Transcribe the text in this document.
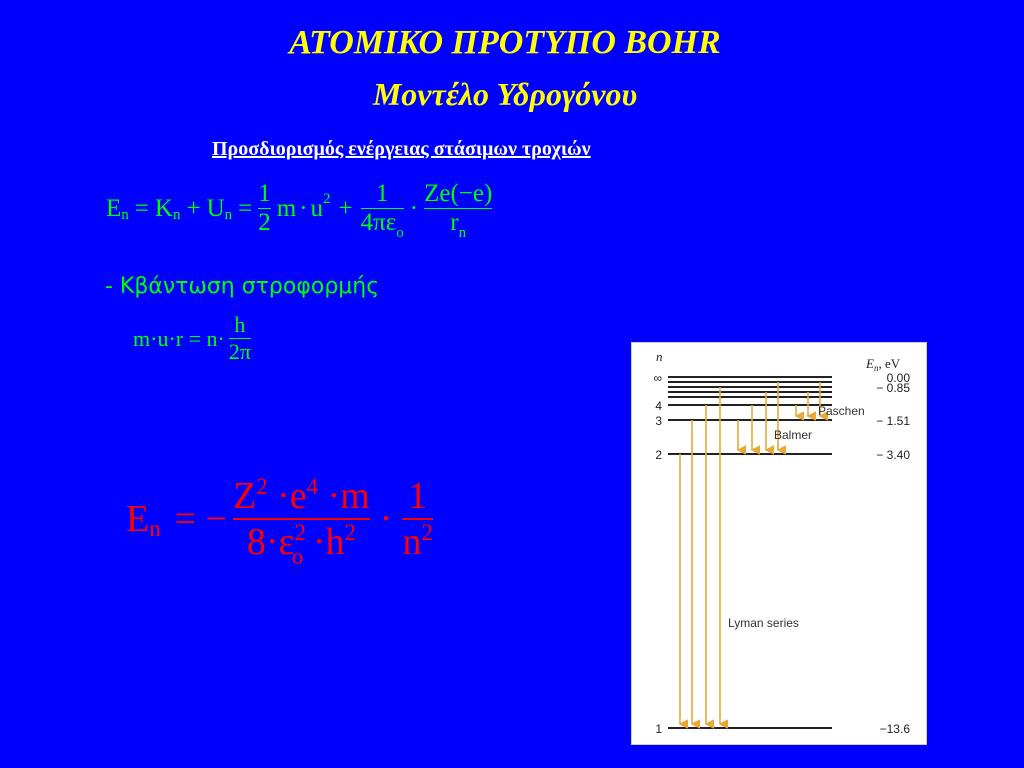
ΑΤΟΜΙΚΟ ΠΡΟΤΥΠΟ BOHR
Μοντέλο Υδρογόνου
Προσδιορισμός ενέργειας στάσιμων τροχιών
E n = K n + U $n = \frac{1}{2}$ m · u $2 + \frac{1}{4\pi\varepsilon_o} \cdot \frac{Ze(-e)}{r_n}$
- Κβάντωση στροφορμής
$m\cdot u\cdot r = n\cdot \frac{h}{2\pi}$
E n = − $\frac{Z^2 \cdot e^4 \cdot m}{8\cdot\varepsilon^2_o \cdot h^2} \cdot \frac{1}{n^2}$
n	$E_n$, eV
∞	0.00
− 0.85
4
3	− 1.51
2	− 3.40
1	−13.6
Paschen
Balmer
Lyman series
